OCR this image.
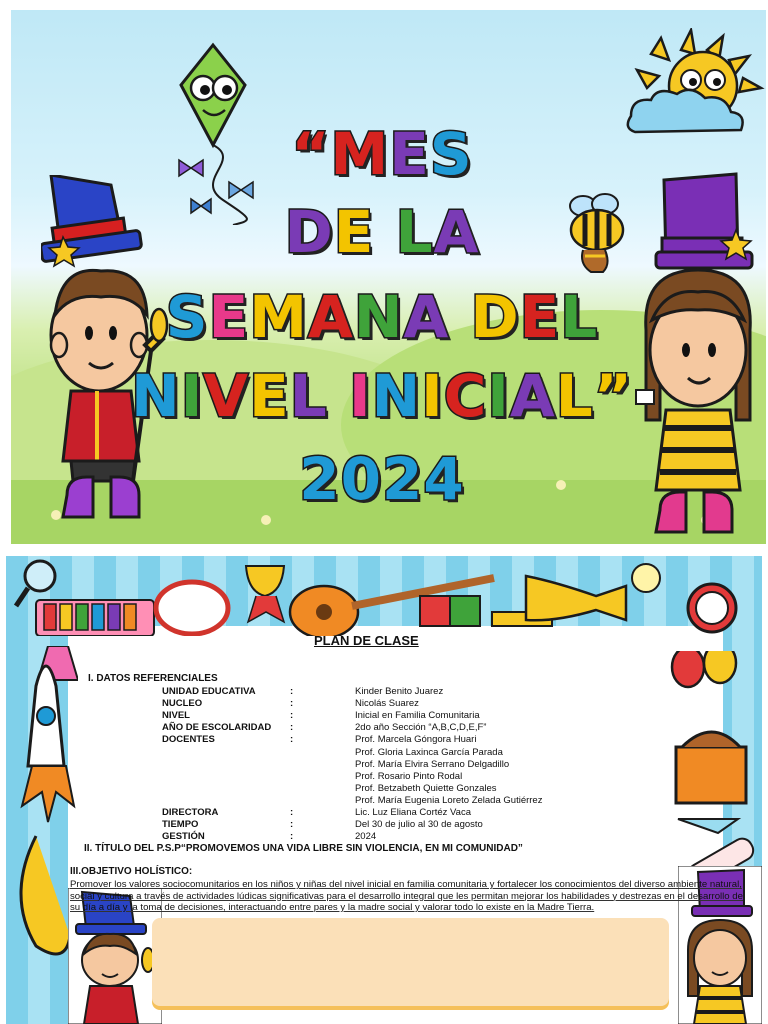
“MES
DE LA
SEMANA DEL
NIVEL INICIAL”
2024
PLAN DE CLASE
I. DATOS REFERENCIALES
UNIDAD EDUCATIVA	:	Kinder Benito Juarez
NUCLEO	:	Nicolás Suarez
NIVEL	:	Inicial en Familia Comunitaria
AÑO DE ESCOLARIDAD :	2do año Sección “A,B,C,D,E,F”
DOCENTES	:	Prof. Marcela Góngora Huari
Prof. Gloria Laxinca García Parada
Prof. María Elvira Serrano Delgadillo
Prof. Rosario Pinto Rodal
Prof. Betzabeth Quiette Gonzales
Prof. María Eugenia Loreto Zelada Gutiérrez
DIRECTORA	:	Lic. Luz Eliana Cortéz Vaca
TIEMPO	:	Del 30 de julio al 30 de agosto
GESTIÓN	:	2024
II. TÍTULO DEL P.S.P“PROMOVEMOS UNA VIDA LIBRE SIN VIOLENCIA, EN MI COMUNIDAD”
III.OBJETIVO HOLÍSTICO:
Promover los valores sociocomunitarios en los niños y niñas del nivel inicial en familia comunitaria y fortalecer los conocimientos del diverso ambiente natural, social y cultura a través de actividades lúdicas significativas para el desarrollo integral que les permitan mejorar los habilidades y destrezas en el desarrollo de su día a día y la toma de decisiones, interactuando entre pares y la madre social y valorar todo lo existe en la Madre Tierra.
